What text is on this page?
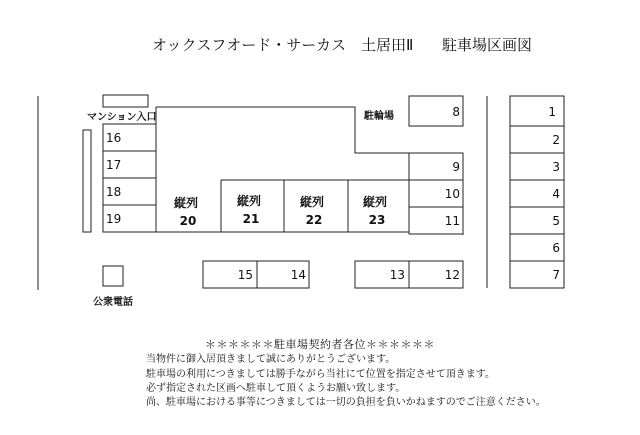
オックスフオード・サーカス　土居田Ⅱ 駐車場区画図
1
2
3
4
5
6
7
8
9
10
11
12
13
14
15
16
17
18
19
縦列
20
縦列
21
縦列
22
縦列
23
マンション入口	駐輪場
公衆電話
＊＊＊＊＊＊駐車場契約者各位＊＊＊＊＊＊
当物件に御入居頂きまして誠にありがとうございます。
駐車場の利用につきましては勝手ながら当社にて位置を指定させて頂きます。
必ず指定された区画へ駐車して頂くようお願い致します。
尚、駐車場における事等につきましては一切の負担を負いかねますのでご注意ください。
